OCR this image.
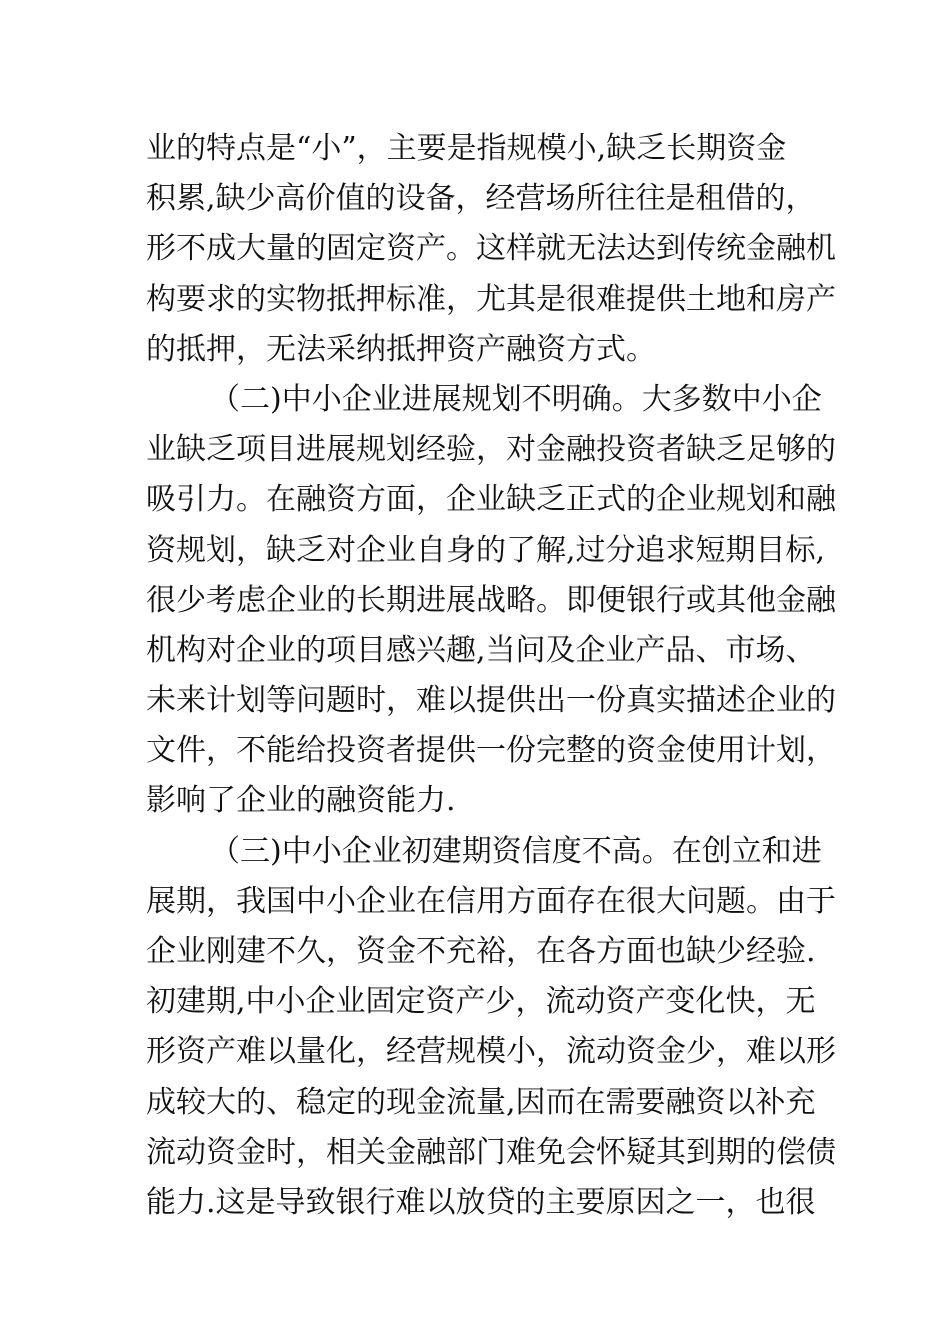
业的特点是“小”，主要是指规模小,缺乏长期资金
积累,缺少高价值的设备，经营场所往往是租借的，
形不成大量的固定资产。这样就无法达到传统金融机
构要求的实物抵押标准，尤其是很难提供土地和房产
的抵押，无法采纳抵押资产融资方式。
（二)中小企业进展规划不明确。大多数中小企
业缺乏项目进展规划经验，对金融投资者缺乏足够的
吸引力。在融资方面，企业缺乏正式的企业规划和融
资规划，缺乏对企业自身的了解,过分追求短期目标,
很少考虑企业的长期进展战略。即便银行或其他金融
机构对企业的项目感兴趣,当问及企业产品、市场、
未来计划等问题时，难以提供出一份真实描述企业的
文件，不能给投资者提供一份完整的资金使用计划，
影响了企业的融资能力.
（三)中小企业初建期资信度不高。在创立和进
展期，我国中小企业在信用方面存在很大问题。由于
企业刚建不久，资金不充裕，在各方面也缺少经验.
初建期,中小企业固定资产少，流动资产变化快，无
形资产难以量化，经营规模小，流动资金少，难以形
成较大的、稳定的现金流量,因而在需要融资以补充
流动资金时，相关金融部门难免会怀疑其到期的偿债
能力.这是导致银行难以放贷的主要原因之一，也很
